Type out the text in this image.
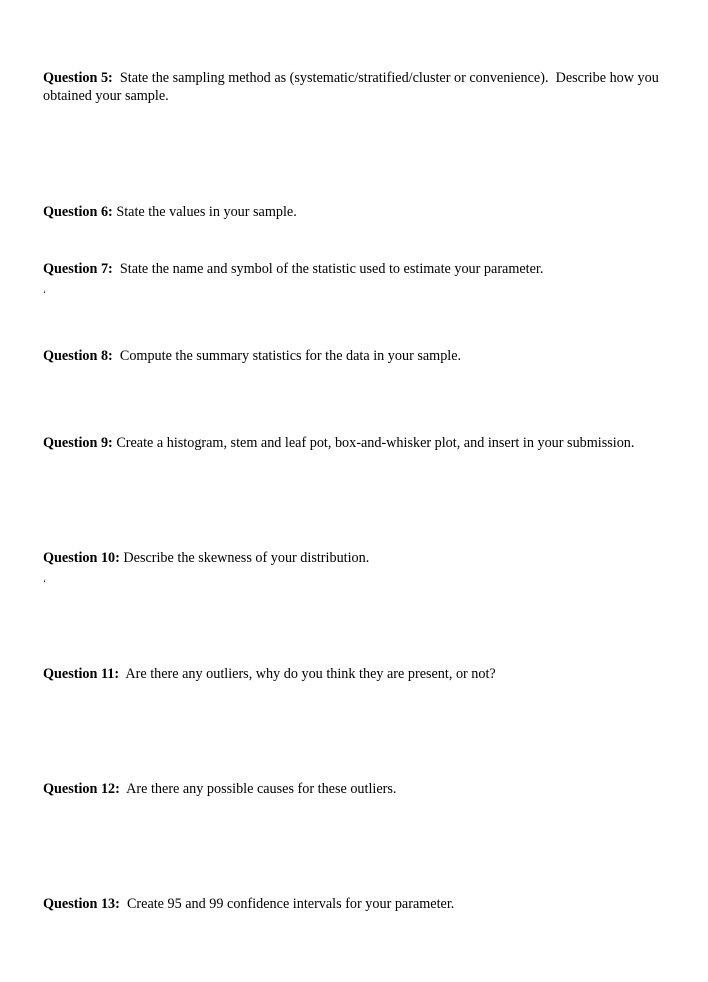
Question 5:  State the sampling method as (systematic/stratified/cluster or convenience).  Describe how you obtained your sample.
Question 6: State the values in your sample.
Question 7:  State the name and symbol of the statistic used to estimate your parameter.
‘
Question 8:  Compute the summary statistics for the data in your sample.
Question 9: Create a histogram, stem and leaf pot, box-and-whisker plot, and insert in your submission.
Question 10: Describe the skewness of your distribution.
‘
Question 11:  Are there any outliers, why do you think they are present, or not?
Question 12:  Are there any possible causes for these outliers.
Question 13:  Create 95 and 99 confidence intervals for your parameter.
